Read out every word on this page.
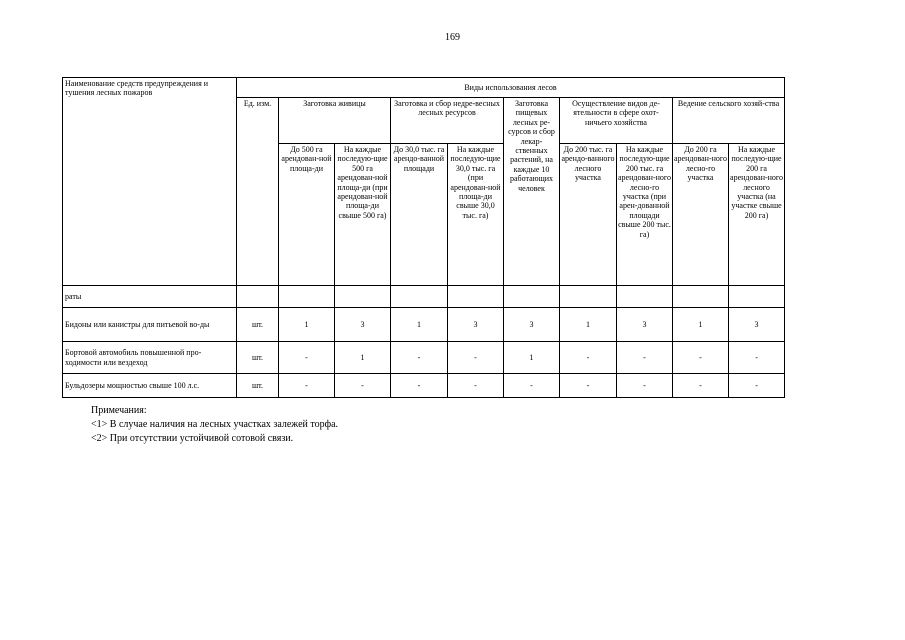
169
Наименование средств предупреждения и тушения лесных пожаров	Виды использования лесов									
	Ед. изм.	Заготовка живицы		Заготовка и сбор недре-весных лесных ресурсов		Заготовка пищевых лесных ре-сурсов и сбор лекар-ственных растений, на каждые 10 работающих человек	Осуществление видов де-ятельности в сфере охот-ничьего хозяйства		Ведение сельского хозяй-ства	
		До 500 га арендован-ной площа-ди	На каждые последую-щие 500 га арендован-ной площа-ди (при арендован-ной площа-ди свыше 500 га)	До 30,0 тыс. га арендо-ванной площади	На каждые последую-щие 30,0 тыс. га (при арендован-ной площа-ди свыше 30,0 тыс. га)		До 200 тыс. га арендо-ванного лесного участка	На каждые последую-щие 200 тыс. га арендован-ного лесно-го участка (при арен-дованной площади свыше 200 тыс. га)	До 200 га арендован-ного лесно-го участка	На каждые последую-щие 200 га арендован-ного лесного участка (на участке свыше 200 га)
раты										
Бидоны или канистры для питьевой во-ды	шт.	1	3	1	3	3	1	3	1	3
Бортовой автомобиль повышенной про-ходимости или вездеход	шт.	-	1	-	-	1	-	-	-	-
Бульдозеры мощностью свыше 100 л.с.	шт.	-	-	-	-	-	-	-	-	-
Примечания:
<1> В случае наличия на лесных участках залежей торфа.
<2> При отсутствии устойчивой сотовой связи.
